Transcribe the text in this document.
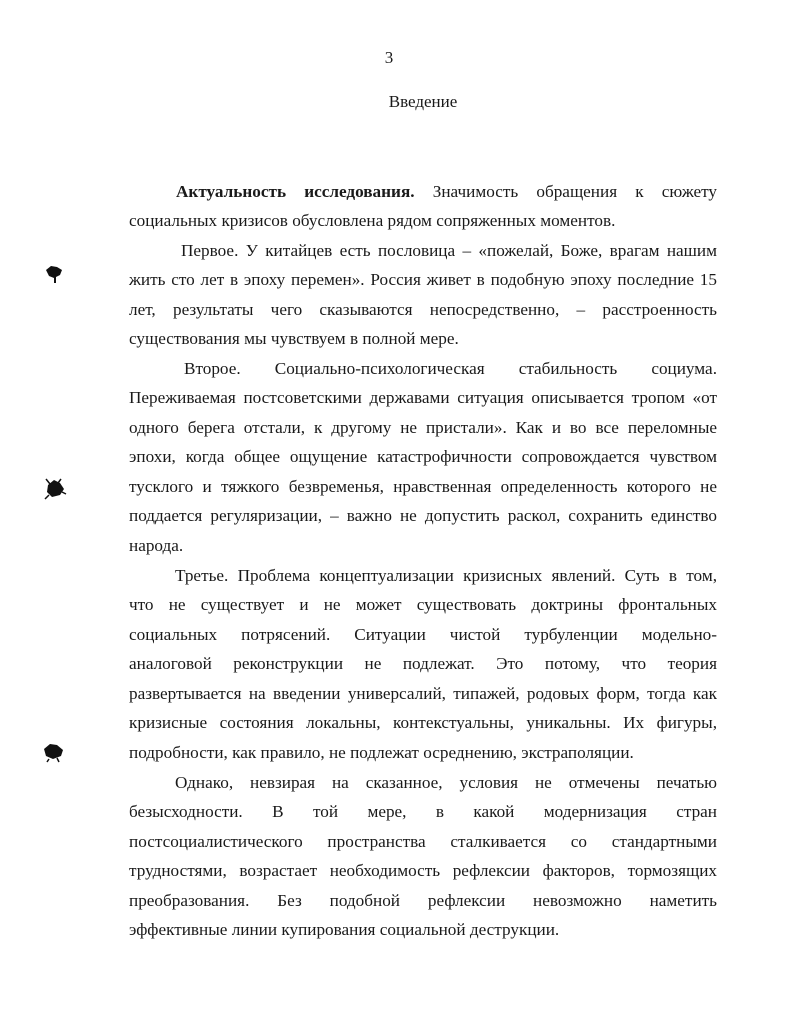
3
Введение
Актуальность исследования. Значимость обращения к сюжету
социальных кризисов обусловлена рядом сопряженных моментов.
Первое. У китайцев есть пословица – «пожелай, Боже, врагам нашим
жить сто лет в эпоху перемен». Россия живет в подобную эпоху последние 15
лет, результаты чего сказываются непосредственно, – расстроенность
существования мы чувствуем в полной мере.
Второе. Социально-психологическая стабильность социума.
Переживаемая постсоветскими державами ситуация описывается тропом «от
одного берега отстали, к другому не пристали». Как и во все переломные
эпохи, когда общее ощущение катастрофичности сопровождается чувством
тусклого и тяжкого безвременья, нравственная определенность которого не
поддается регуляризации, – важно не допустить раскол, сохранить единство
народа.
Третье. Проблема концептуализации кризисных явлений. Суть в том,
что не существует и не может существовать доктрины фронтальных
социальных потрясений. Ситуации чистой турбуленции модельно-
аналоговой реконструкции не подлежат. Это потому, что теория
развертывается на введении универсалий, типажей, родовых форм, тогда как
кризисные состояния локальны, контекстуальны, уникальны. Их фигуры,
подробности, как правило, не подлежат осреднению, экстраполяции.
Однако, невзирая на сказанное, условия не отмечены печатью
безысходности. В той мере, в какой модернизация стран
постсоциалистического пространства сталкивается со стандартными
трудностями, возрастает необходимость рефлексии факторов, тормозящих
преобразования. Без подобной рефлексии невозможно наметить
эффективные линии купирования социальной деструкции.
